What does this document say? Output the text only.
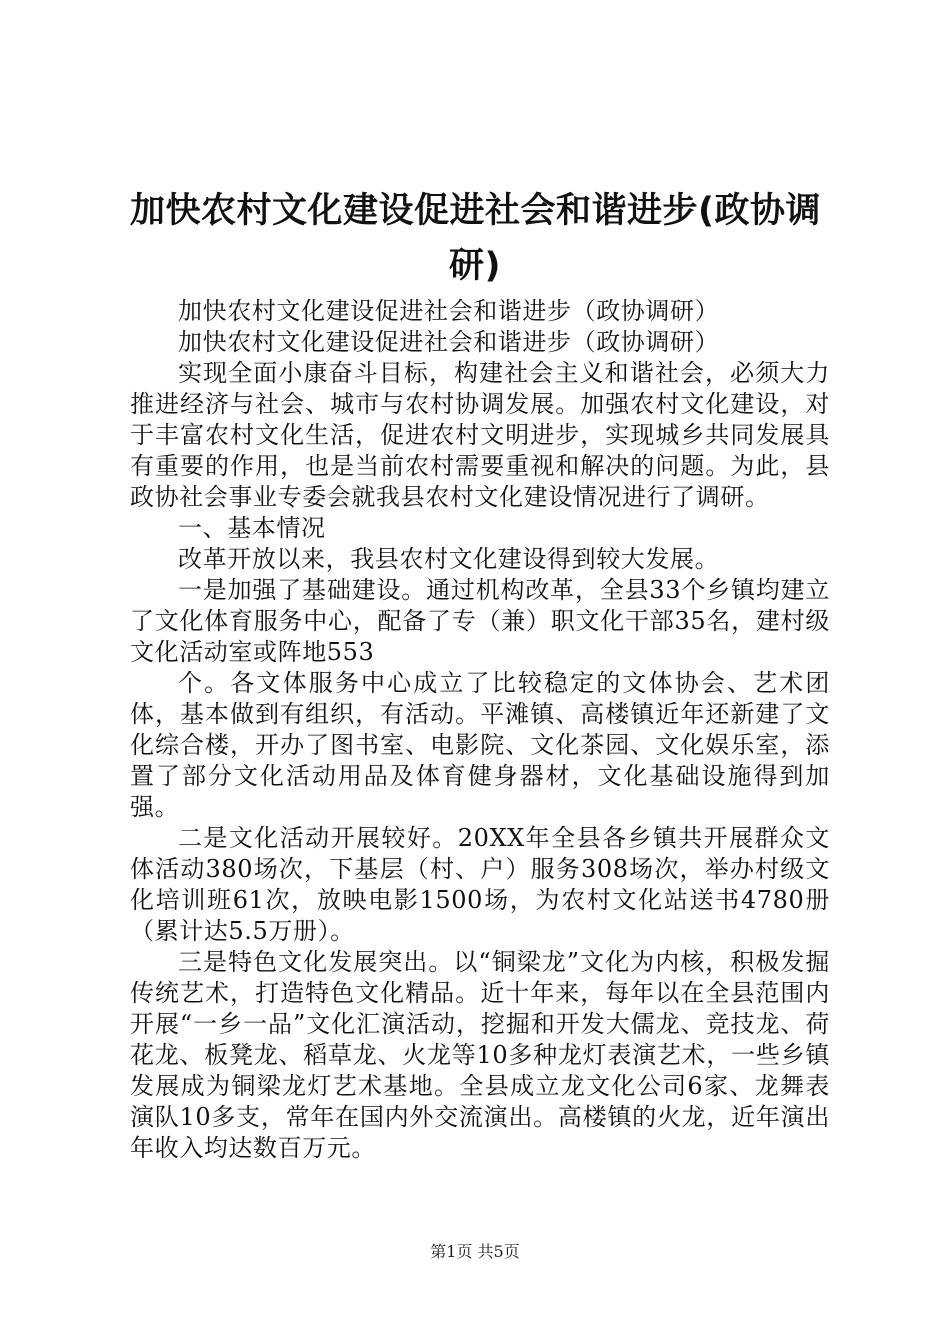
加快农村文化建设促进社会和谐进步(政协调
研)

加快农村文化建设促进社会和谐进步（政协调研）

加快农村文化建设促进社会和谐进步（政协调研）

实现全面小康奋斗目标，构建社会主义和谐社会，必须大力推进经济与社会、城市与农村协调发展。加强农村文化建设，对于丰富农村文化生活，促进农村文明进步，实现城乡共同发展具有重要的作用，也是当前农村需要重视和解决的问题。为此，县政协社会事业专委会就我县农村文化建设情况进行了调研。

一、基本情况

改革开放以来，我县农村文化建设得到较大发展。

一是加强了基础建设。通过机构改革，全县33个乡镇均建立了文化体育服务中心，配备了专（兼）职文化干部35名，建村级文化活动室或阵地553

个。各文体服务中心成立了比较稳定的文体协会、艺术团体，基本做到有组织，有活动。平滩镇、高楼镇近年还新建了文化综合楼，开办了图书室、电影院、文化茶园、文化娱乐室，添置了部分文化活动用品及体育健身器材，文化基础设施得到加强。

二是文化活动开展较好。20XX年全县各乡镇共开展群众文体活动380场次，下基层（村、户）服务308场次，举办村级文化培训班61次，放映电影1500场，为农村文化站送书4780册（累计达5.5万册）。

三是特色文化发展突出。以“铜梁龙”文化为内核，积极发掘传统艺术，打造特色文化精品。近十年来，每年以在全县范围内开展“一乡一品”文化汇演活动，挖掘和开发大儒龙、竞技龙、荷花龙、板凳龙、稻草龙、火龙等10多种龙灯表演艺术，一些乡镇发展成为铜梁龙灯艺术基地。全县成立龙文化公司6家、龙舞表演队10多支，常年在国内外交流演出。高楼镇的火龙，近年演出年收入均达数百万元。

第1页 共5页
